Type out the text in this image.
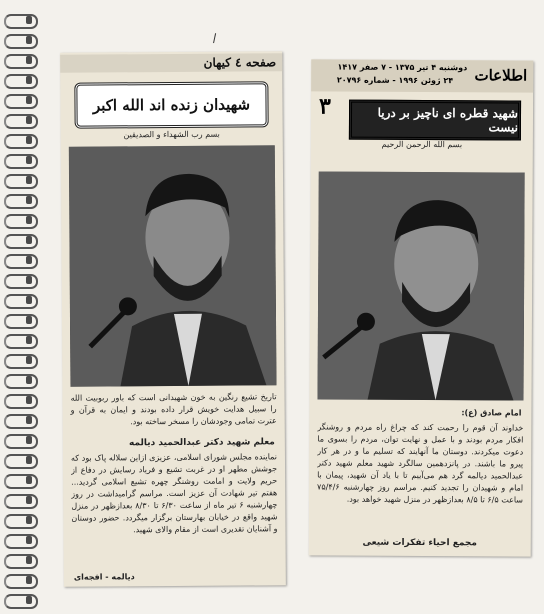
صفحه ٤ کیهان
شهیدان زنده اند الله اکبر
بسم رب الشهداء و الصدیقین
تاریخ تشیع رنگین به خون شهیدانی است که باور ربوبیت الله را سبیل هدایت خویش قرار داده بودند و ایمان به قرآن و عترت تمامی وجودشان را مسخر ساخته بود.
معلم شهید دکتر عبدالحمید دیالمه
نماینده مجلس شورای اسلامی، عزیزی ازاین سلاله پاک بود که جوشش مطهر او در غربت تشیع و فریاد رسایش در دفاع از حریم ولایت و امامت روشنگر چهره تشیع اسلامی گردید... هفتم تیر شهادت آن عزیز است. مراسم گرامیداشت در روز چهارشنبه ۶ تیر ماه از ساعت ۶/۳۰ تا ۸/۳۰ بعدازظهر در منزل شهید واقع در خیابان بهارستان برگزار میگردد. حضور دوستان و آشنایان تقدیری است از مقام والای شهید.
دیالمه - افجه‌ای
اطلاعات
دوشنبه ۴ تیر ۱۳۷۵ - ۷ صفر ۱۴۱۷
۲۴ ژوئن ۱۹۹۶ - شماره ۲۰۷۹۶
۳	شهید قطره ای ناچیز بر دریا نیست
بسم الله الرحمن الرحیم
امام صادق (ع):
خداوند آن قوم را رحمت کند که چراغ راه مردم و روشنگر افکار مردم بودند و با عمل و نهایت توان، مردم را بسوی ما دعوت میکردند. دوستان ما آنهایند که تسلیم ما و در هر کار پیرو ما باشند. در پانزدهمین سالگرد شهید معلم شهید دکتر عبدالحمید دیالمه گرد هم می‌آییم تا با یاد آن شهید، پیمان با امام و شهیدان را تجدید کنیم. مراسم روز چهارشنبه ۷۵/۴/۶ ساعت ۶/۵ تا ۸/۵ بعدازظهر در منزل شهید خواهد بود.
مجمع احیاء تفکرات شیعی
